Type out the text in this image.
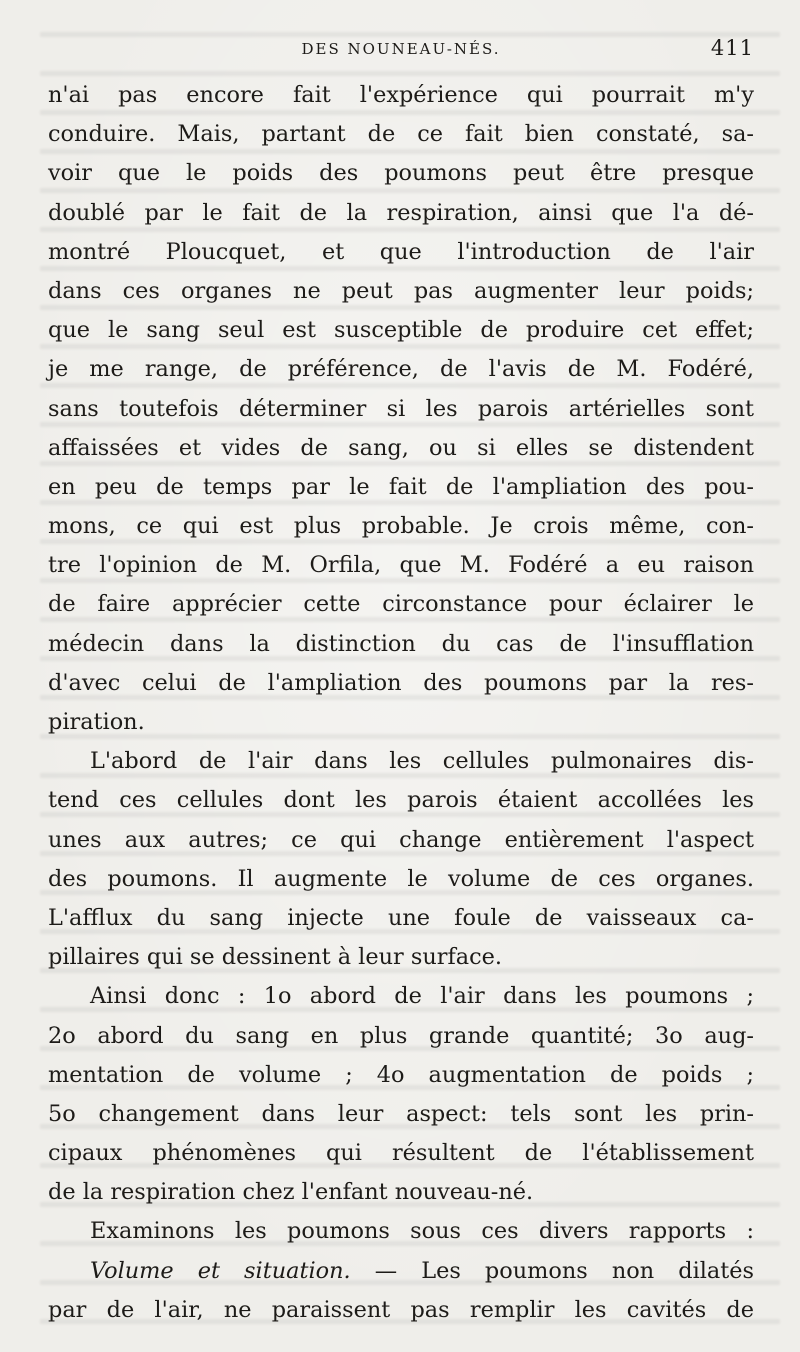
DES NOUNEAU-NÉS.	411
n'ai pas encore fait l'expérience qui pourrait m'y
conduire. Mais, partant de ce fait bien constaté, sa-
voir que le poids des poumons peut être presque
doublé par le fait de la respiration, ainsi que l'a dé-
montré Ploucquet, et que l'introduction de l'air
dans ces organes ne peut pas augmenter leur poids;
que le sang seul est susceptible de produire cet effet;
je me range, de préférence, de l'avis de M. Fodéré,
sans toutefois déterminer si les parois artérielles sont
affaissées et vides de sang, ou si elles se distendent
en peu de temps par le fait de l'ampliation des pou-
mons, ce qui est plus probable. Je crois même, con-
tre l'opinion de M. Orfila, que M. Fodéré a eu raison
de faire apprécier cette circonstance pour éclairer le
médecin dans la distinction du cas de l'insufflation
d'avec celui de l'ampliation des poumons par la res-
piration.
L'abord de l'air dans les cellules pulmonaires dis-
tend ces cellules dont les parois étaient accollées les
unes aux autres; ce qui change entièrement l'aspect
des poumons. Il augmente le volume de ces organes.
L'afflux du sang injecte une foule de vaisseaux ca-
pillaires qui se dessinent à leur surface.
Ainsi donc : 1o abord de l'air dans les poumons ;
2o abord du sang en plus grande quantité; 3o aug-
mentation de volume ; 4o augmentation de poids ;
5o changement dans leur aspect: tels sont les prin-
cipaux phénomènes qui résultent de l'établissement
de la respiration chez l'enfant nouveau-né.
Examinons les poumons sous ces divers rapports :
Volume et situation. — Les poumons non dilatés
par de l'air, ne paraissent pas remplir les cavités de
